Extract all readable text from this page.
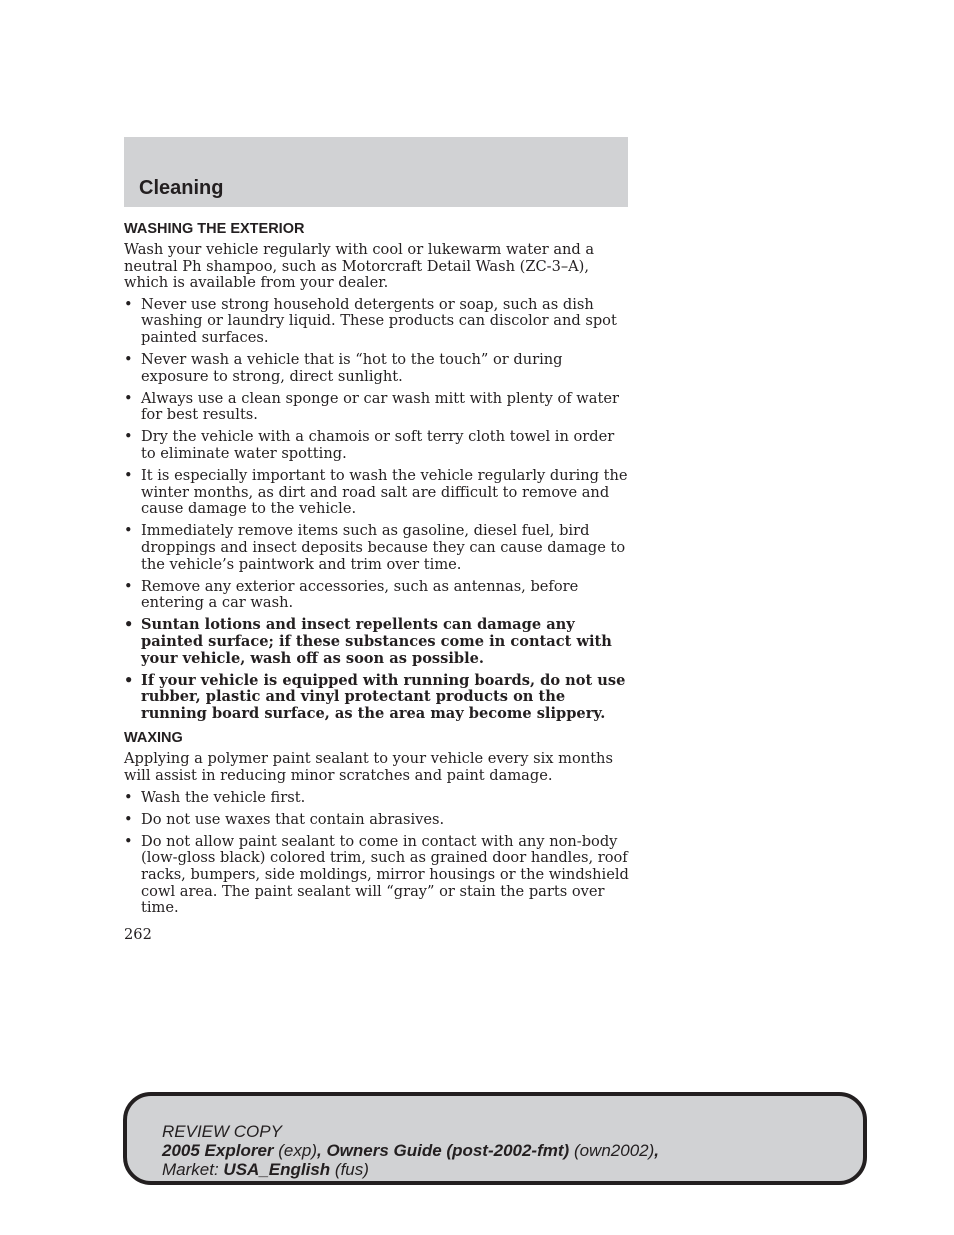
Cleaning
WASHING THE EXTERIOR

Wash your vehicle regularly with cool or lukewarm water and a neutral Ph shampoo, such as Motorcraft Detail Wash (ZC-3–A), which is available from your dealer.

• Never use strong household detergents or soap, such as dish washing or laundry liquid. These products can discolor and spot painted surfaces.
• Never wash a vehicle that is “hot to the touch” or during exposure to strong, direct sunlight.
• Always use a clean sponge or car wash mitt with plenty of water for best results.
• Dry the vehicle with a chamois or soft terry cloth towel in order to eliminate water spotting.
• It is especially important to wash the vehicle regularly during the winter months, as dirt and road salt are difficult to remove and cause damage to the vehicle.
• Immediately remove items such as gasoline, diesel fuel, bird droppings and insect deposits because they can cause damage to the vehicle’s paintwork and trim over time.
• Remove any exterior accessories, such as antennas, before entering a car wash.
• Suntan lotions and insect repellents can damage any painted surface; if these substances come in contact with your vehicle, wash off as soon as possible.
• If your vehicle is equipped with running boards, do not use rubber, plastic and vinyl protectant products on the running board surface, as the area may become slippery.
WAXING

Applying a polymer paint sealant to your vehicle every six months will assist in reducing minor scratches and paint damage.

• Wash the vehicle first.
• Do not use waxes that contain abrasives.
• Do not allow paint sealant to come in contact with any non-body (low-gloss black) colored trim, such as grained door handles, roof racks, bumpers, side moldings, mirror housings or the windshield cowl area. The paint sealant will “gray” or stain the parts over time.
262
REVIEW COPY
2005 Explorer (exp), Owners Guide (post-2002-fmt) (own2002),
Market: USA_English (fus)
